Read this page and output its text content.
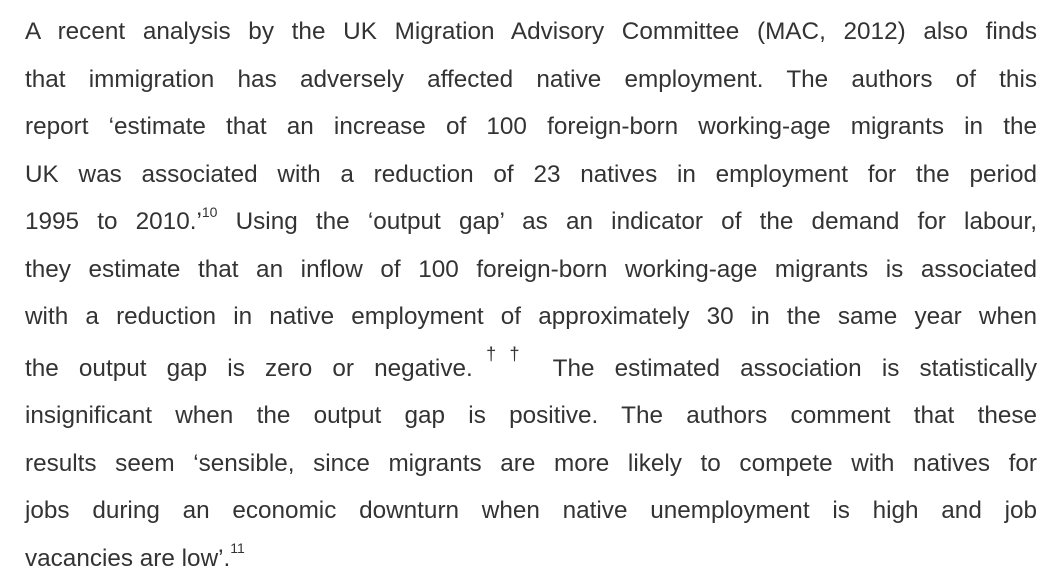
A recent analysis by the UK Migration Advisory Committee (MAC, 2012) also finds
that immigration has adversely affected native employment. The authors of this
report ‘estimate that an increase of 100 foreign-born working-age migrants in the
UK was associated with a reduction of 23 natives in employment for the period
1995 to 2010.’$^{10}$ Using the ‘output gap’ as an indicator of the demand for labour,
they estimate that an inflow of 100 foreign-born working-age migrants is associated
with a reduction in native employment of approximately 30 in the same year when
the output gap is zero or negative.†† The estimated association is statistically
insignificant when the output gap is positive. The authors comment that these
results seem ‘sensible, since migrants are more likely to compete with natives for
jobs during an economic downturn when native unemployment is high and job
vacancies are low’.$^{11}$
